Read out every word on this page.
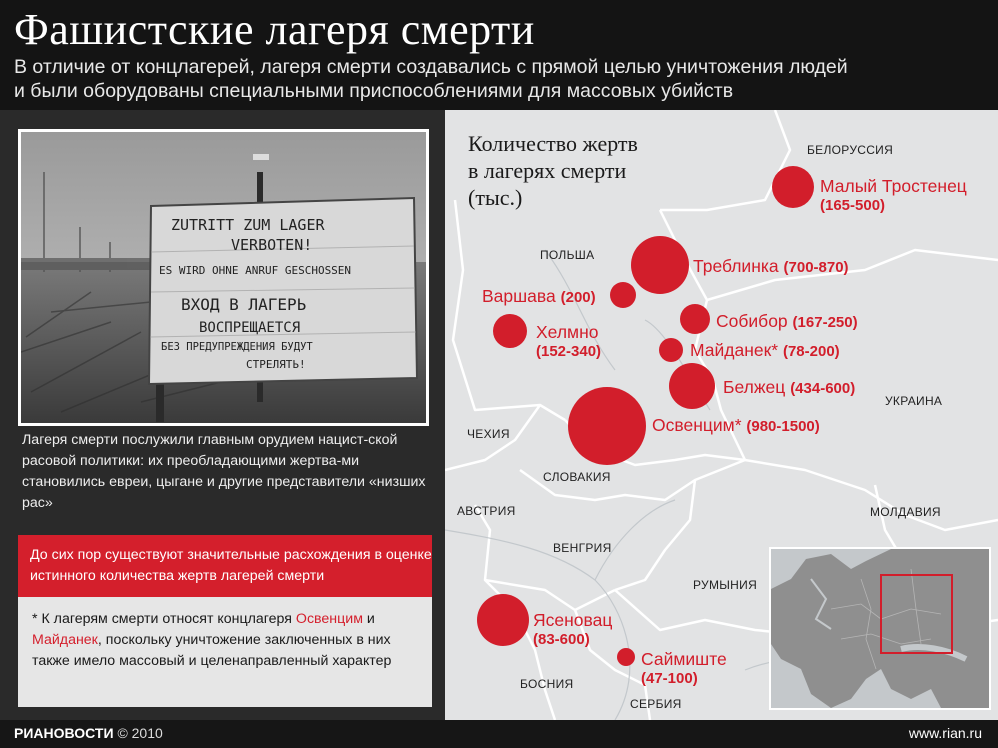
Фашистские лагеря смерти
В отличие от концлагерей, лагеря смерти создавались с прямой целью уничтожения людей
и были оборудованы специальными приспособлениями для массовых убийств
ZUTRITT ZUM LAGER
VERBOTEN!
ES WIRD OHNE ANRUF GESCHOSSEN
ВХОД В ЛАГЕРЬ
ВОСПРЕЩАЕТСЯ
БЕЗ ПРЕДУПРЕЖДЕНИЯ БУДУТ
СТРЕЛЯТЬ!
Лагеря смерти послужили главным орудием нацист-ской расовой политики: их преобладающими жертва-ми становились евреи, цыгане и другие представители «низших рас»
До сих пор существуют значительные расхождения в оценке истинного количества жертв лагерей смерти
* К лагерям смерти относят концлагеря Освенцим и Майданек, поскольку уничтожение заключенных в них также имело массовый и целенаправленный характер
Количество жертв
в лагерях смерти
(тыс.)
БЕЛОРУССИЯ
ПОЛЬША
УКРАИНА
ЧЕХИЯ
СЛОВАКИЯ
АВСТРИЯ	МОЛДАВИЯ
ВЕНГРИЯ
РУМЫНИЯ
БОСНИЯ
СЕРБИЯ
Малый Тростенец
(165-500)
Треблинка (700-870)
Варшава (200)
Собибор (167-250)
Хелмно
(152-340)	Майданек* (78-200)
Белжец (434-600)
Освенцим* (980-1500)
Ясеновац
(83-600)
Саймиште
(47-100)
РИАНОВОСТИ © 2010	www.rian.ru
